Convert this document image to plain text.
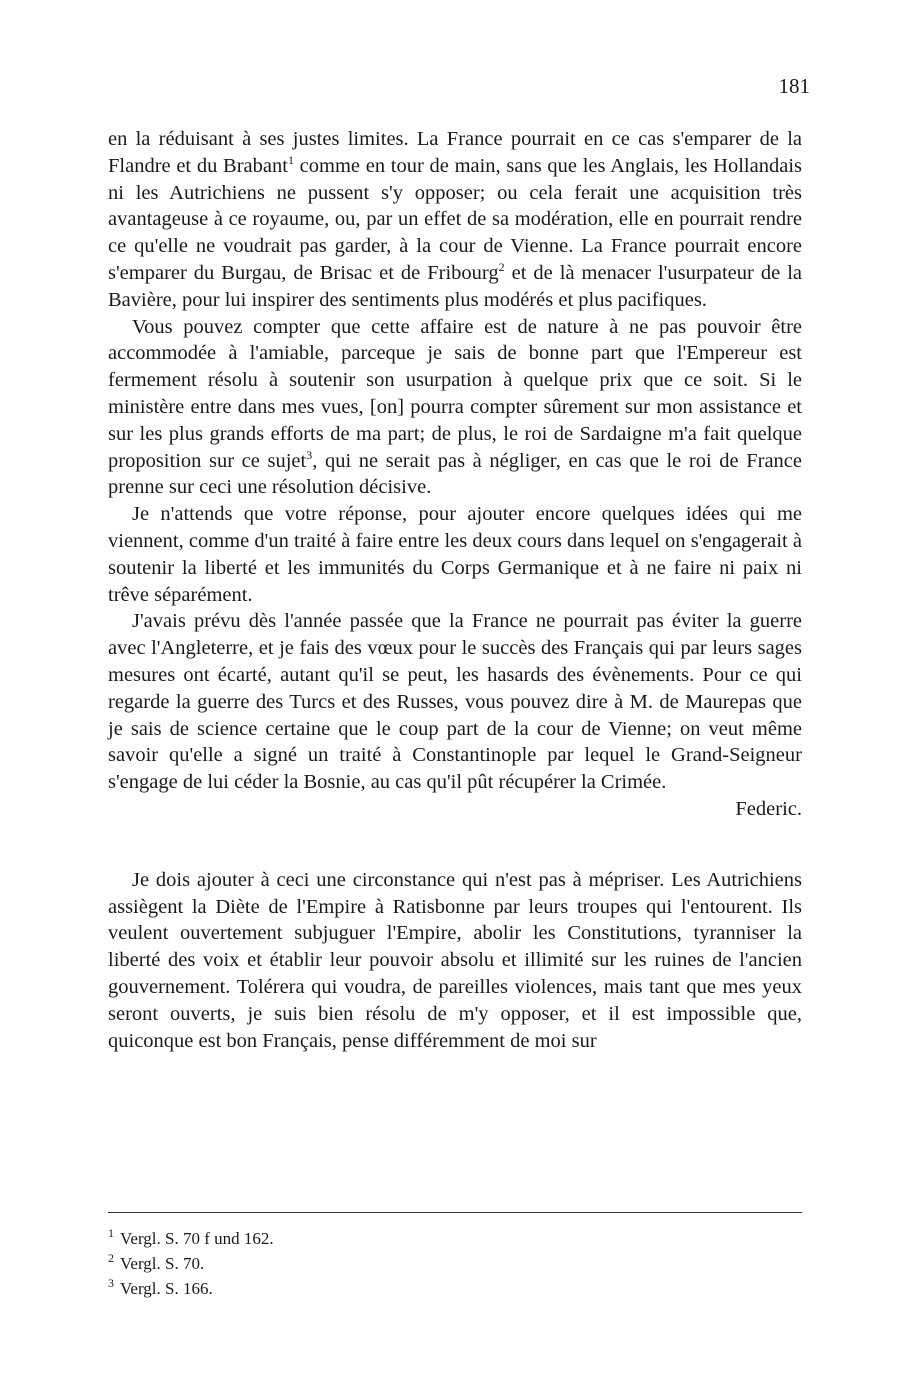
181

en la réduisant à ses justes limites. La France pourrait en ce cas s'emparer de la Flandre et du Brabant$^1$ comme en tour de main, sans que les Anglais, les Hollandais ni les Autrichiens ne pussent s'y opposer; ou cela ferait une acquisition très avantageuse à ce royaume, ou, par un effet de sa modération, elle en pourrait rendre ce qu'elle ne voudrait pas garder, à la cour de Vienne. La France pourrait encore s'emparer du Burgau, de Brisac et de Fribourg$^2$ et de là menacer l'usurpateur de la Bavière, pour lui inspirer des sentiments plus modérés et plus pacifiques.

Vous pouvez compter que cette affaire est de nature à ne pas pouvoir être accommodée à l'amiable, parceque je sais de bonne part que l'Empereur est fermement résolu à soutenir son usurpation à quelque prix que ce soit. Si le ministère entre dans mes vues, [on] pourra compter sûrement sur mon assistance et sur les plus grands efforts de ma part; de plus, le roi de Sardaigne m'a fait quelque proposition sur ce sujet$^3$, qui ne serait pas à négliger, en cas que le roi de France prenne sur ceci une résolution décisive.

Je n'attends que votre réponse, pour ajouter encore quelques idées qui me viennent, comme d'un traité à faire entre les deux cours dans lequel on s'engagerait à soutenir la liberté et les immunités du Corps Germanique et à ne faire ni paix ni trêve séparément.

J'avais prévu dès l'année passée que la France ne pourrait pas éviter la guerre avec l'Angleterre, et je fais des vœux pour le succès des Français qui par leurs sages mesures ont écarté, autant qu'il se peut, les hasards des évènements. Pour ce qui regarde la guerre des Turcs et des Russes, vous pouvez dire à M. de Maurepas que je sais de science certaine que le coup part de la cour de Vienne; on veut même savoir qu'elle a signé un traité à Constantinople par lequel le Grand-Seigneur s'engage de lui céder la Bosnie, au cas qu'il pût récupérer la Crimée.

Federic.

Je dois ajouter à ceci une circonstance qui n'est pas à mépriser. Les Autrichiens assiègent la Diète de l'Empire à Ratisbonne par leurs troupes qui l'entourent. Ils veulent ouvertement subjuguer l'Empire, abolir les Constitutions, tyranniser la liberté des voix et établir leur pouvoir absolu et illimité sur les ruines de l'ancien gouvernement. Tolérera qui voudra, de pareilles violences, mais tant que mes yeux seront ouverts, je suis bien résolu de m'y opposer, et il est impossible que, quiconque est bon Français, pense différemment de moi sur

$^1$ Vergl. S. 70 f und 162.
$^2$ Vergl. S. 70.
$^3$ Vergl. S. 166.
